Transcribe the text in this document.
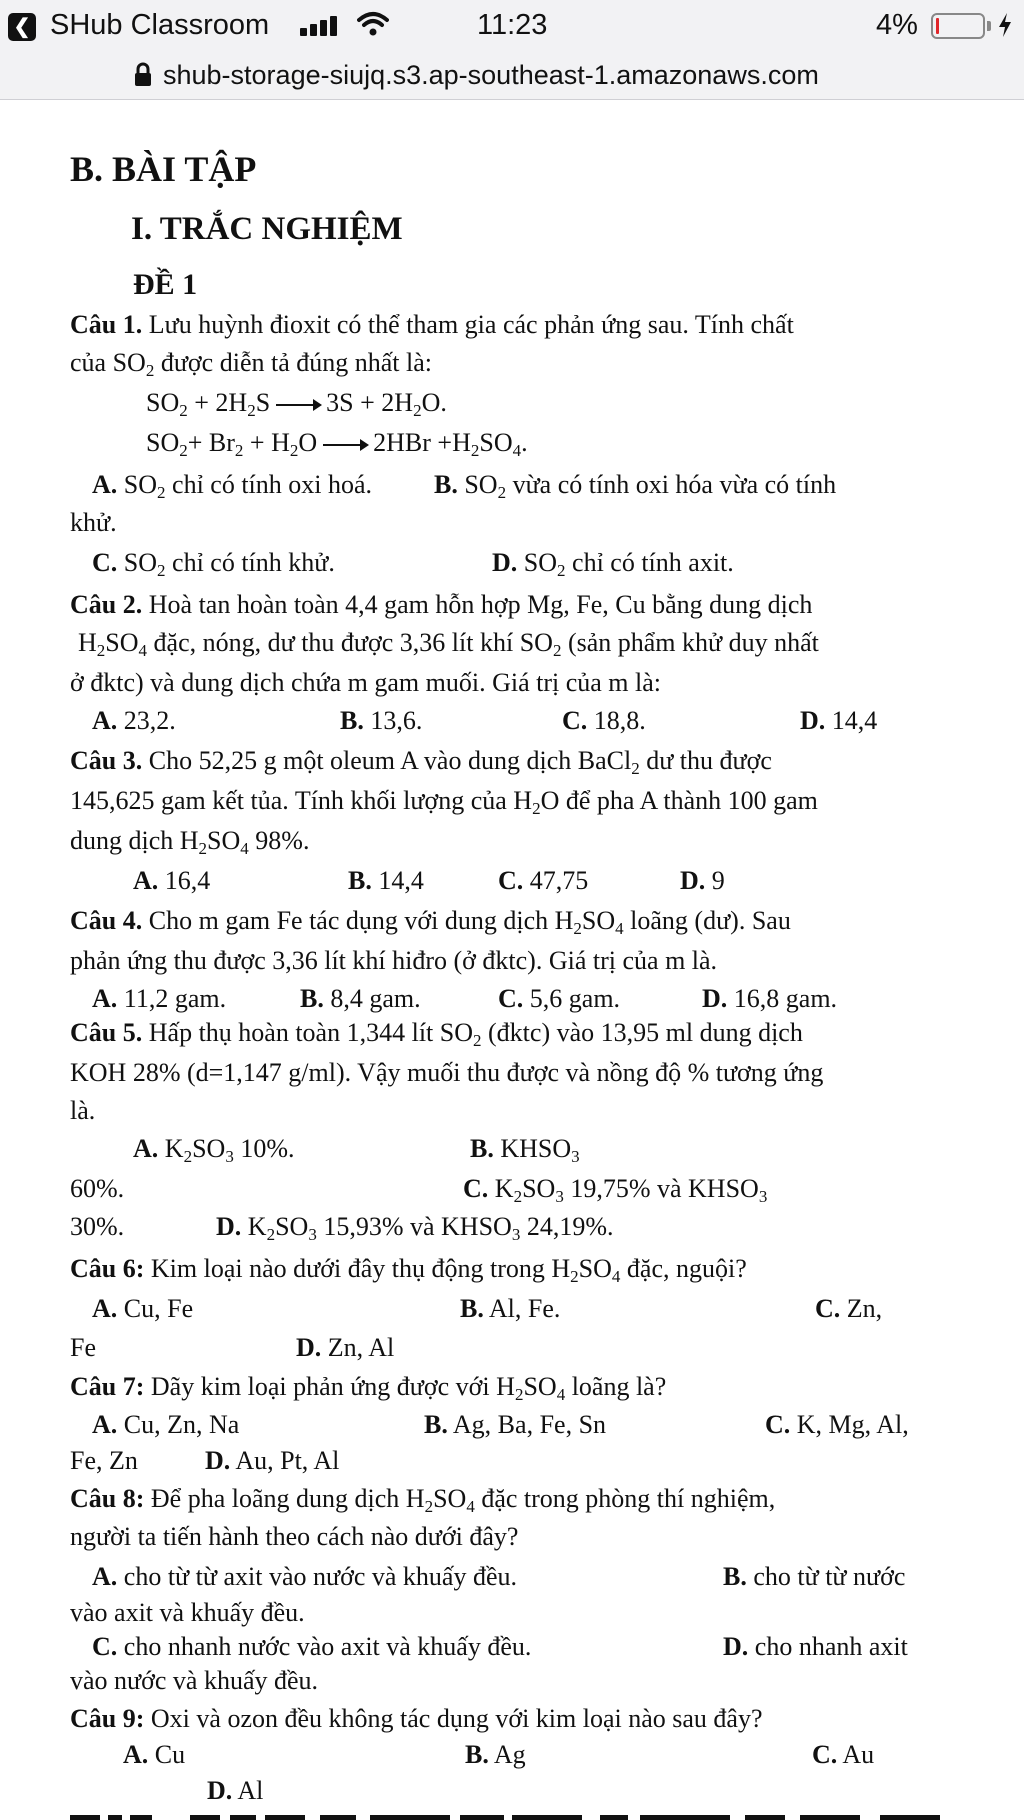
❮ SHub Classroom	11:23	4%
shub-storage-siujq.s3.ap-southeast-1.amazonaws.com
B. BÀI TẬP
I. TRẮC NGHIỆM
ĐỀ 1
Câu 1. Lưu huỳnh đioxit có thể tham gia các phản ứng sau. Tính chất
của $SO_2$ được diễn tả đúng nhất là:
$SO_2 + 2H_2S \to 3S + 2H_2O$.
$SO_2+ Br_2 + H_2O \to 2HBr +H_2SO_4$.
A. $SO_2$ chỉ có tính oxi hoá. B. $SO_2$ vừa có tính oxi hóa vừa có tính
khử.
C. $SO_2$ chỉ có tính khử.	D. $SO_2$ chỉ có tính axit.
Câu 2. Hoà tan hoàn toàn 4,4 gam hỗn hợp Mg, Fe, Cu bằng dung dịch
$H_2SO_4$ đặc, nóng, dư thu được 3,36 lít khí $SO_2$ (sản phẩm khử duy nhất
ở đktc) và dung dịch chứa m gam muối. Giá trị của m là:
A. 23,2.	B. 13,6.	C. 18,8.	D. 14,4
Câu 3. Cho 52,25 g một oleum A vào dung dịch BaCl$_2$ dư thu được
145,625 gam kết tủa. Tính khối lượng của $H_2O$ để pha A thành 100 gam
dung dịch $H_2SO_4$ 98%.
A. 16,4	B. 14,4	C. 47,75	D. 9
Câu 4. Cho m gam Fe tác dụng với dung dịch $H_2SO_4$ loãng (dư). Sau
phản ứng thu được 3,36 lít khí hiđro (ở đktc). Giá trị của m là.
A. 11,2 gam.	B. 8,4 gam.	C. 5,6 gam.	D. 16,8 gam.
Câu 5. Hấp thụ hoàn toàn 1,344 lít $SO_2$ (đktc) vào 13,95 ml dung dịch
KOH 28% (d=1,147 g/ml). Vậy muối thu được và nồng độ % tương ứng
là.
A. $K_2SO_3$ 10%.	B. $KHSO_3$
60%.	C. $K_2SO_3$ 19,75% và $KHSO_3$
30%.	D. $K_2SO_3$ 15,93% và $KHSO_3$ 24,19%.
Câu 6: Kim loại nào dưới đây thụ động trong $H_2SO_4$ đặc, nguội?
A. Cu, Fe	B. Al, Fe.	C. Zn,
Fe	D. Zn, Al
Câu 7: Dãy kim loại phản ứng được với $H_2SO_4$ loãng là?
A. Cu, Zn, Na	B. Ag, Ba, Fe, Sn	C. K, Mg, Al,
Fe, Zn	D. Au, Pt, Al
Câu 8: Để pha loãng dung dịch $H_2SO_4$ đặc trong phòng thí nghiệm,
người ta tiến hành theo cách nào dưới đây?
A. cho từ từ axit vào nước và khuấy đều.	B. cho từ từ nước
vào axit và khuấy đều.
C. cho nhanh nước vào axit và khuấy đều.	D. cho nhanh axit
vào nước và khuấy đều.
Câu 9: Oxi và ozon đều không tác dụng với kim loại nào sau đây?
A. Cu	B. Ag	C. Au
D. Al
